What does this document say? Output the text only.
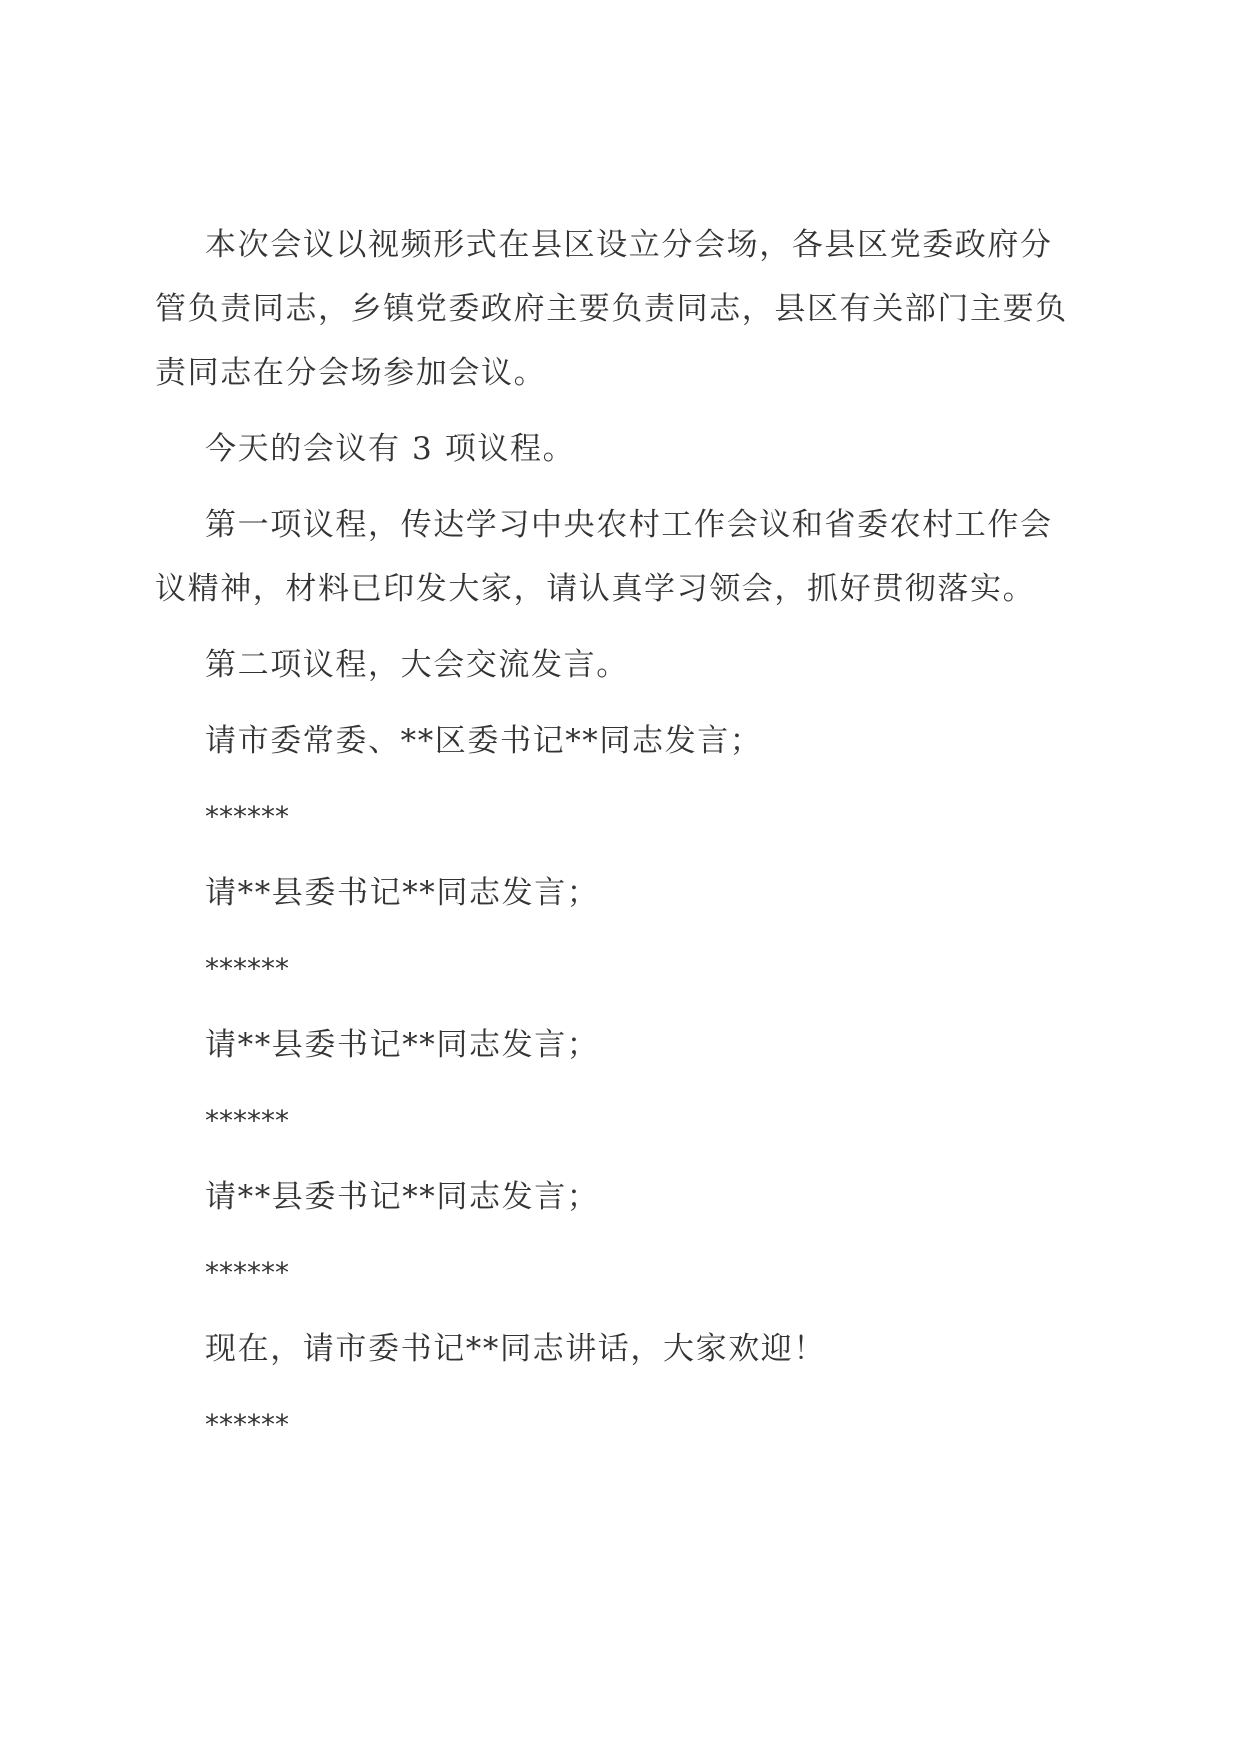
本次会议以视频形式在县区设立分会场，各县区党委政府分管负责同志，乡镇党委政府主要负责同志，县区有关部门主要负责同志在分会场参加会议。

今天的会议有 3 项议程。

第一项议程，传达学习中央农村工作会议和省委农村工作会议精神，材料已印发大家，请认真学习领会，抓好贯彻落实。

第二项议程，大会交流发言。

请市委常委、**区委书记**同志发言；

******

请**县委书记**同志发言；

******

请**县委书记**同志发言；

******

请**县委书记**同志发言；

******

现在，请市委书记**同志讲话，大家欢迎！

******
